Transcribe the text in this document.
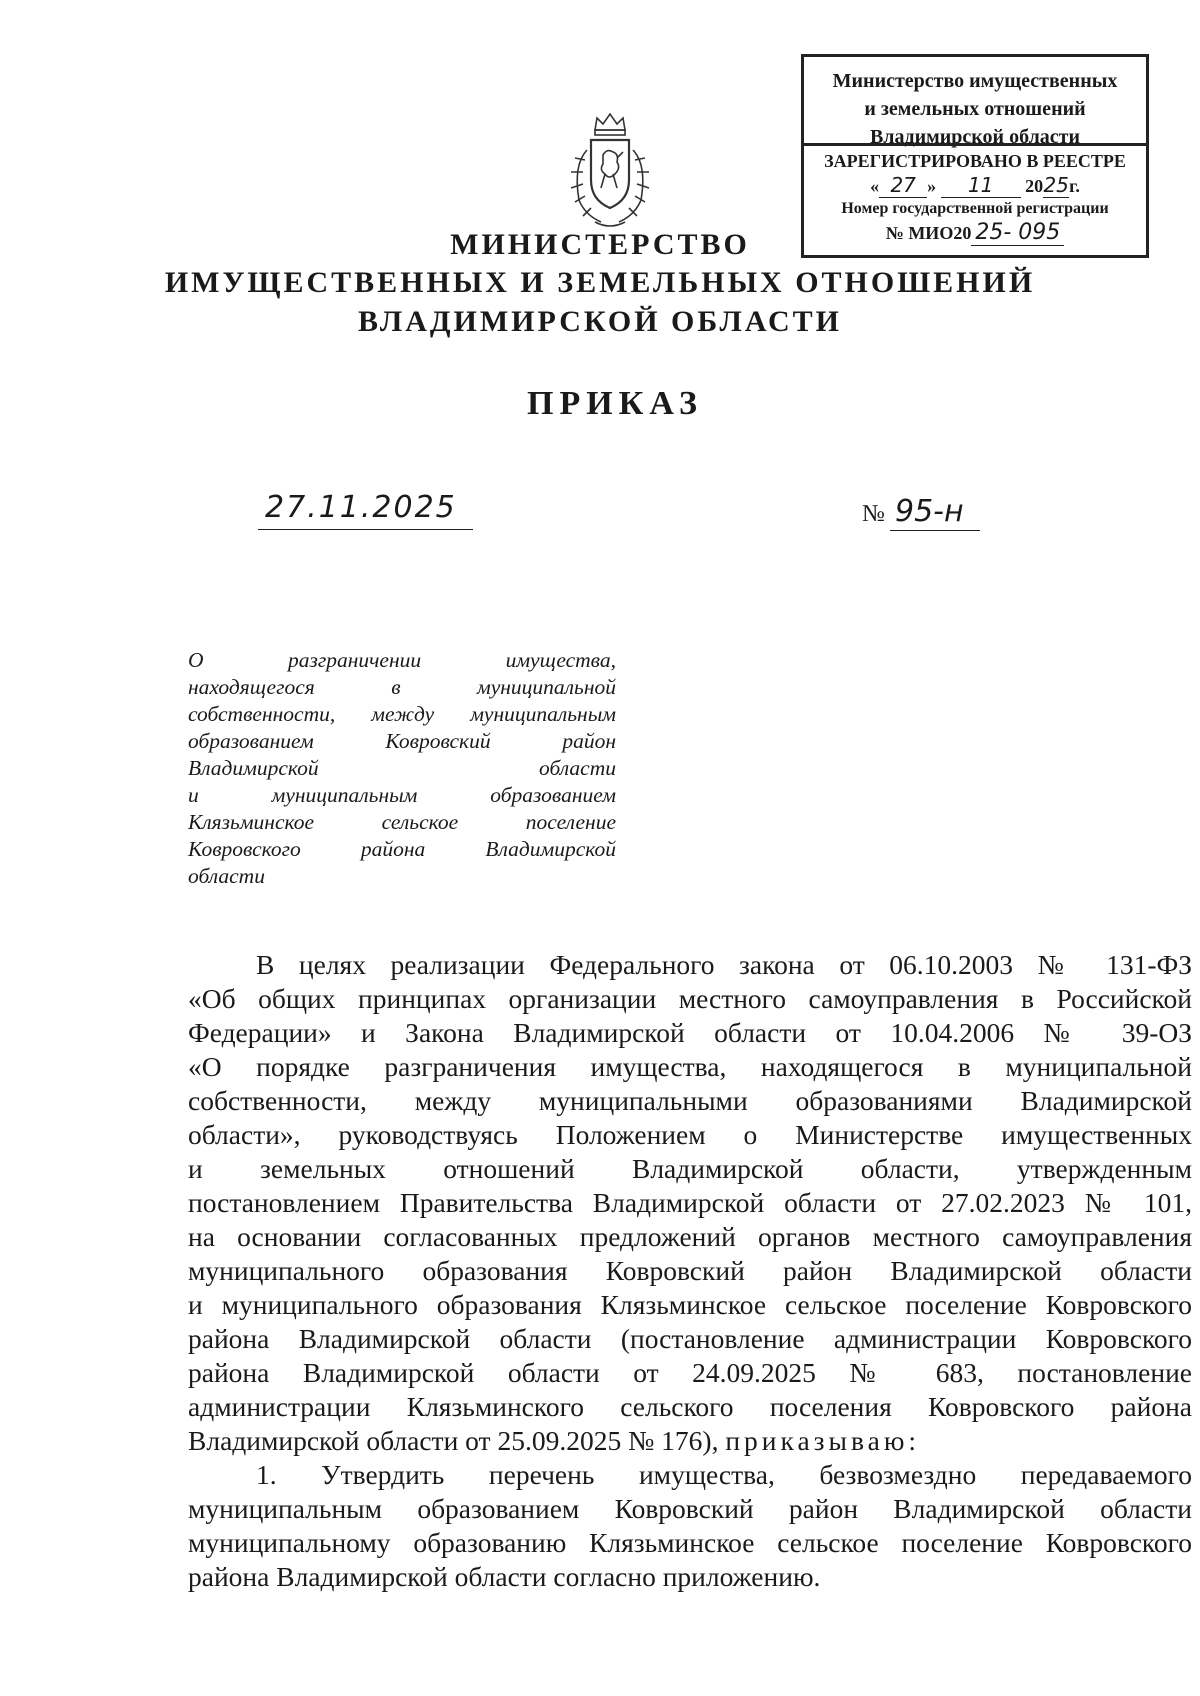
Министерство имущественных
и земельных отношений
Владимирской области
ЗАРЕГИСТРИРОВАНО В РЕЕСТРЕ
« 27 » 11 2025г.
Номер государственной регистрации
№ МИО20 25- 095
МИНИСТЕРСТВО
ИМУЩЕСТВЕННЫХ И ЗЕМЕЛЬНЫХ ОТНОШЕНИЙ
ВЛАДИМИРСКОЙ ОБЛАСТИ
ПРИКАЗ
27.11.2025	№ 95-н
О разграничении имущества,
находящегося в муниципальной
собственности, между муниципальным
образованием Ковровский район
Владимирской области
и муниципальным образованием
Клязьминское сельское поселение
Ковровского района Владимирской
области
В целях реализации Федерального закона от 06.10.2003 № 131-ФЗ
«Об общих принципах организации местного самоуправления в Российской
Федерации» и Закона Владимирской области от 10.04.2006 № 39-ОЗ
«О порядке разграничения имущества, находящегося в муниципальной
собственности, между муниципальными образованиями Владимирской
области», руководствуясь Положением о Министерстве имущественных
и земельных отношений Владимирской области, утвержденным
постановлением Правительства Владимирской области от 27.02.2023 № 101,
на основании согласованных предложений органов местного самоуправления
муниципального образования Ковровский район Владимирской области
и муниципального образования Клязьминское сельское поселение Ковровского
района Владимирской области (постановление администрации Ковровского
района Владимирской области от 24.09.2025 № 683, постановление
администрации Клязьминского сельского поселения Ковровского района
Владимирской области от 25.09.2025 № 176), приказываю:
1. Утвердить перечень имущества, безвозмездно передаваемого
муниципальным образованием Ковровский район Владимирской области
муниципальному образованию Клязьминское сельское поселение Ковровского
района Владимирской области согласно приложению.
